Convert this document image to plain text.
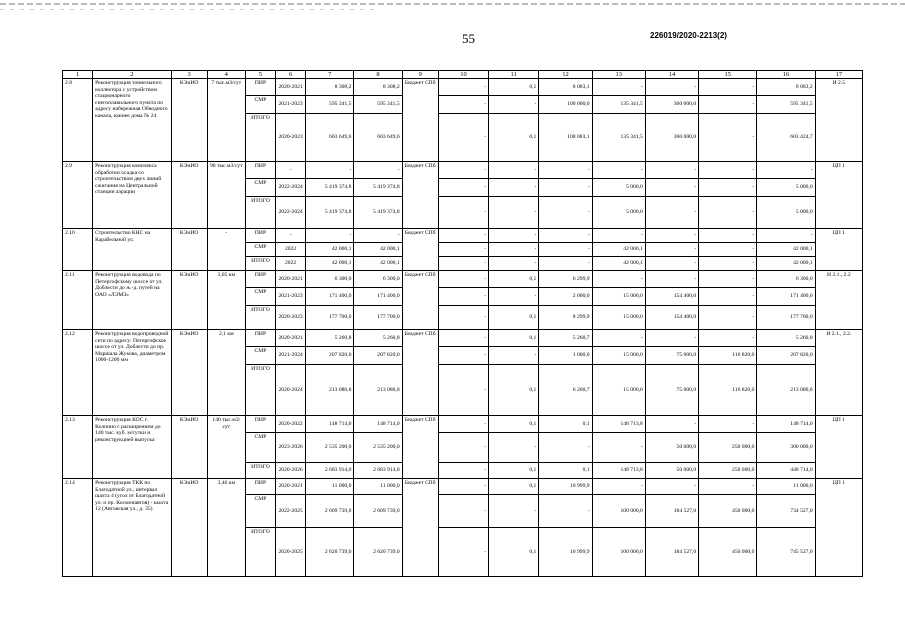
55	226019/2020-2213(2)
1	2	3	4	5	6	7	8	9	10	11	12	13	14	15	16	17
2.8	Реконструкция тоннельного коллектора с устройством стационарного снегоплавильного пункта по адресу набережная Обводного канала, южнее дома № 24	КЭиИО	7 тыс.м3/сут	ПИР	2020-2021	8 308,2	8 308,2	Бюджет СПб	-	0,1	8 083,1	-	-	-	8 083,2	И 2.5
				СМР	2021-2023	595 341,5	595 341,5		-	-	100 000,0	135 341,5	360 000,0	-	595 341,5	
				ИТОГО	2020-2023	603 649,6	603 649,6		-	0,1	108 083,1	135 341,5	360 000,0	-	603 424,7	
2.9	Реконструкция комплекса обработки осадка со строительством двух линий сжигания на Центральной станции аэрации	КЭиИО	90 тыс.м3/сут	ПИР	-	-	-	Бюджет СПб	-	-	-	-	-	-	-	ЦП 1
				СМР	2022-2024	5 419 374,8	5 419 374,8		-	-	-	5 000,0	-	-	5 000,0	
				ИТОГО	2022-2024	5 419 374,8	5 419 374,8		-	-	-	5 000,0	-	-	5 000,0	
2.10	Строительство КНС на Карабельной ул.	КЭиИО	-	ПИР	-	-	-	Бюджет СПб	-	-	-	-	-	-	-	ЦП 1
				СМР	2022	42 000,1	42 000,1		-	-	-	42 000,1	-	-	42 000,1	
				ИТОГО	2022	42 000,1	42 000,1		-	-	-	42 000,1	-	-	42 000,1	
2.11	Реконструкция водовода по Петергофскому шоссе от ул. Доблести до ж.-д. путей на ОАО «ЛЭМЗ»	КЭиИО	3,05 км	ПИР	2020-2021	6 300,0	6 300,0	Бюджет СПб	-	0,1	6 299,9	-	-	-	6 300,0	И 2.1., 2.2
				СМР	2021-2023	171 400,0	171 400,0		-	-	2 000,0	15 000,0	154 400,0	-	171 400,0	
				ИТОГО	2020-2023	177 700,0	177 700,0		-	0,1	8 299,9	15 000,0	154 400,0	-	177 700,0	
2.12	Реконструкция водопроводной сети по адресу: Петергофское шоссе от ул. Доблести до пр. Маршала Жукова, диаметром 1000-1200 мм	КЭиИО	2,1 км	ПИР	2020-2021	5 260,8	5 260,8	Бюджет СПб	-	0,1	5 260,7	-	-	-	5 260,8	И 2.1., 2.2.
				СМР	2021-2024	207 820,0	207 820,0		-	-	1 000,0	15 000,0	75 000,0	116 820,0	207 820,0	
				ИТОГО	2020-2024	213 080,8	213 080,8		-	0,1	6 260,7	15 000,0	75 000,0	116 820,0	213 080,8	
2.13	Реконструкция КОС г. Колпино с расширением до 140 тыс. куб. м/сутки и реконструкцией выпуска	КЭиИО	140 тыс.м3/сут	ПИР	2020-2022	148 714,0	148 714,0	Бюджет СПб	-	0,1	0,1	148 713,8	-	-	148 714,0	ЦП 1
				СМР	2023-2026	2 535 200,0	2 535 200,0		-	-	-	-	50 000,0	250 000,0	300 000,0	
				ИТОГО	2020-2026	2 683 914,0	2 683 914,0		-	0,1	0,1	148 713,8	50 000,0	250 000,0	448 714,0	
2.14	Реконструкция ТКК по Благодатной ул., интервал шахта 4 (угол от Благодатной ул. и пр. Космонавтов) - шахта 12 (Автовская ул., д. 35)	КЭиИО	3,46 км	ПИР	2020-2021	11 000,0	11 000,0	Бюджет СПб	-	0,1	10 999,9	-	-	-	11 000,0	ЦП 1
				СМР	2022-2025	2 609 739,0	2 609 739,0		-	-	-	100 000,0	184 527,0	450 000,0	734 527,0	
				ИТОГО	2020-2025	2 620 739,0	2 620 739,0		-	0,1	10 999,9	100 000,0	184 527,0	450 000,0	745 527,0	
